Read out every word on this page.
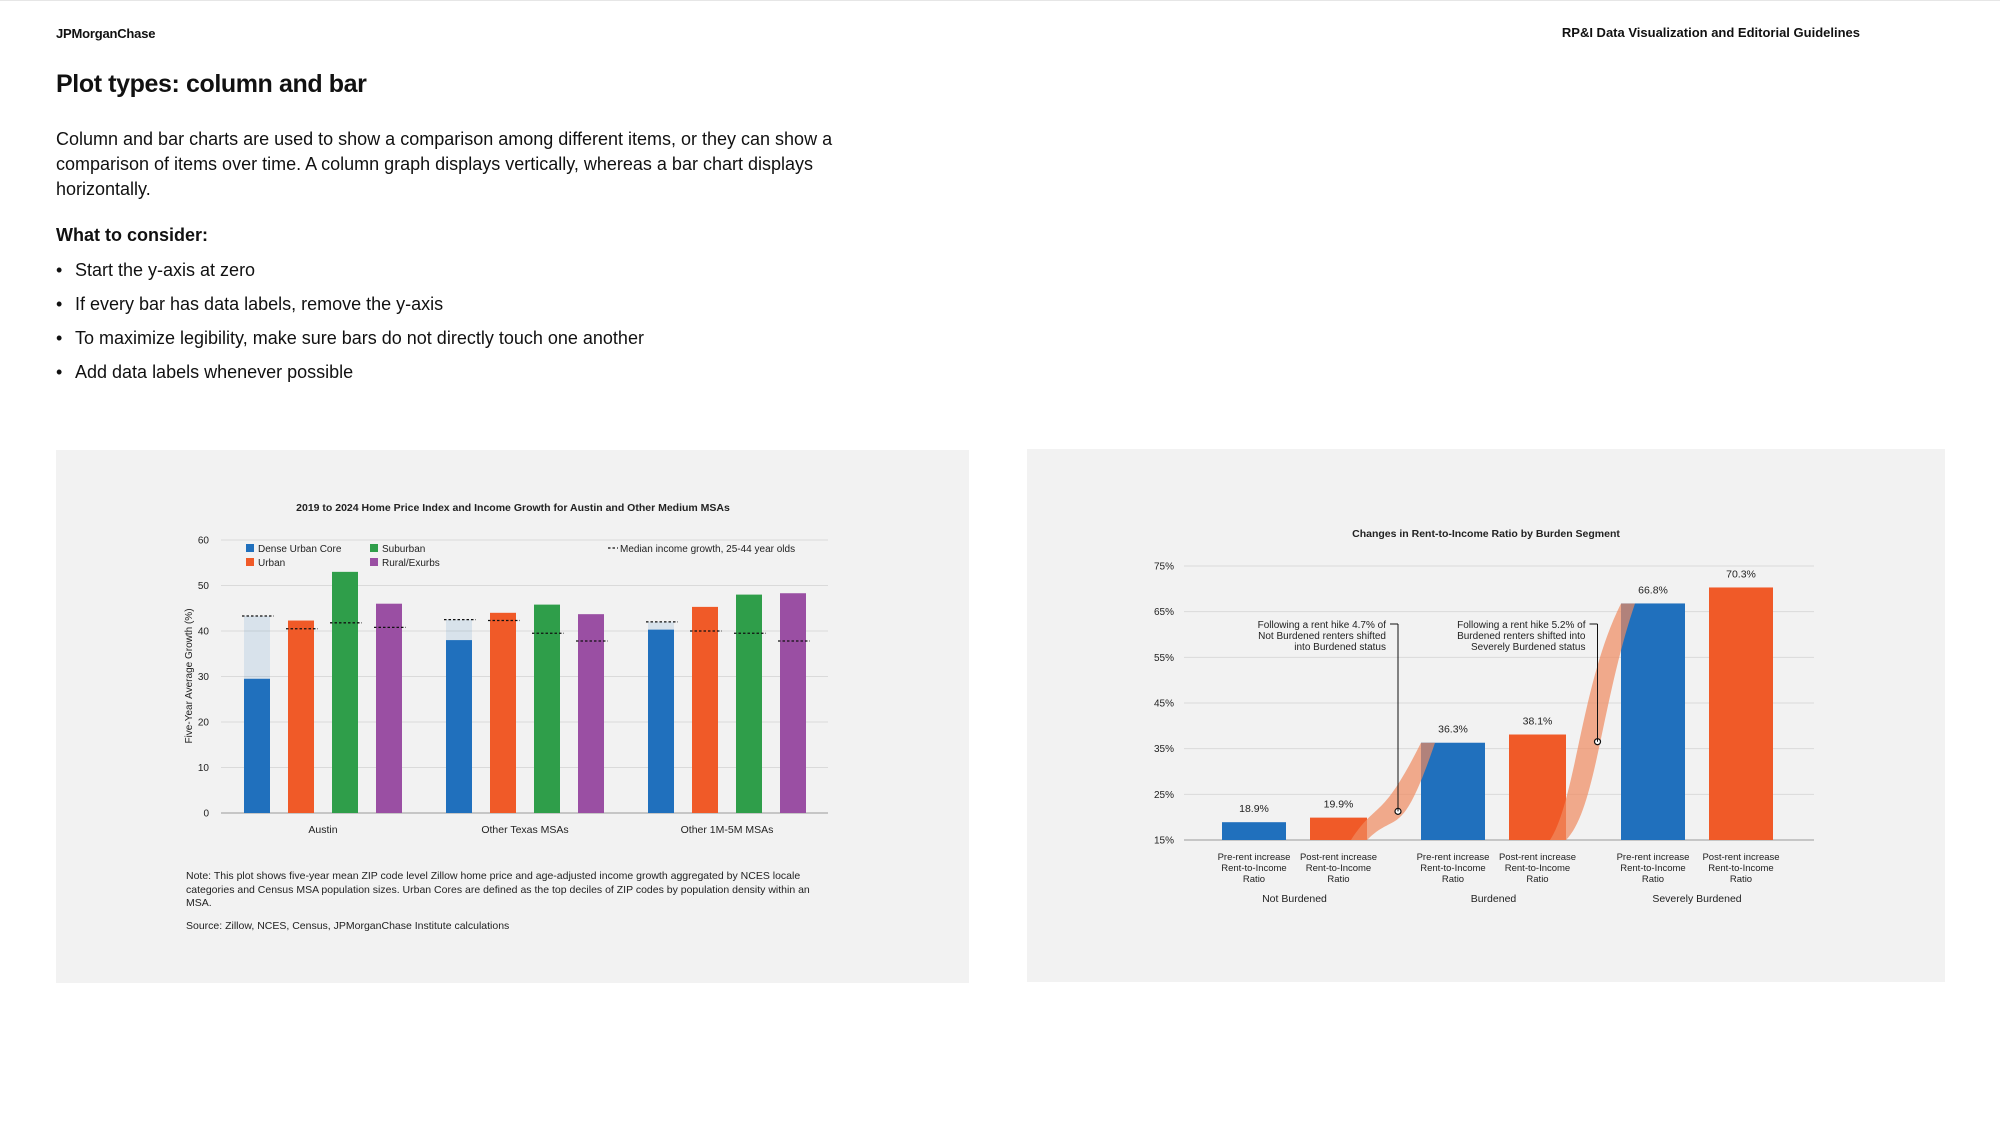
JPMorganChase	RP&I Data Visualization and Editorial Guidelines
Plot types: column and bar

Column and bar charts are used to show a comparison among different items, or they can show a comparison of items over time. A column graph displays vertically, whereas a bar chart displays horizontally.

What to consider:

• Start the y-axis at zero
• If every bar has data labels, remove the y-axis
• To maximize legibility, make sure bars do not directly touch one another
• Add data labels whenever possible
2019 to 2024 Home Price Index and Income Growth for Austin and Other Medium MSAs
Five-Year Average Growth (%)
0
10
20
30
40
50
60
Austin	Other Texas MSAs	Other 1M-5M MSAs
Dense Urban Core
Urban
Suburban
Rural/Exurbs
Median income growth, 25-44 year olds

Note: This plot shows five-year mean ZIP code level Zillow home price and age-adjusted income growth aggregated by NCES locale categories and Census MSA population sizes. Urban Cores are defined as the top deciles of ZIP codes by population density within an MSA.

Source: Zillow, NCES, Census, JPMorganChase Institute calculations

Changes in Rent-to-Income Ratio by Burden Segment
15%
25%
35%
45%
55%
65%
75%
18.9%
Pre-rent increase
Rent-to-Income
Ratio
19.9%
Post-rent increase
Rent-to-Income
Ratio
36.3%
Pre-rent increase
Rent-to-Income
Ratio
38.1%
Post-rent increase
Rent-to-Income
Ratio
66.8%
Pre-rent increase
Rent-to-Income
Ratio
70.3%
Post-rent increase
Rent-to-Income
Ratio
Not Burdened	Burdened	Severely Burdened
Following a rent hike 4.7% of
Not Burdened renters shifted
into Burdened status
Following a rent hike 5.2% of
Burdened renters shifted into
Severely Burdened status
